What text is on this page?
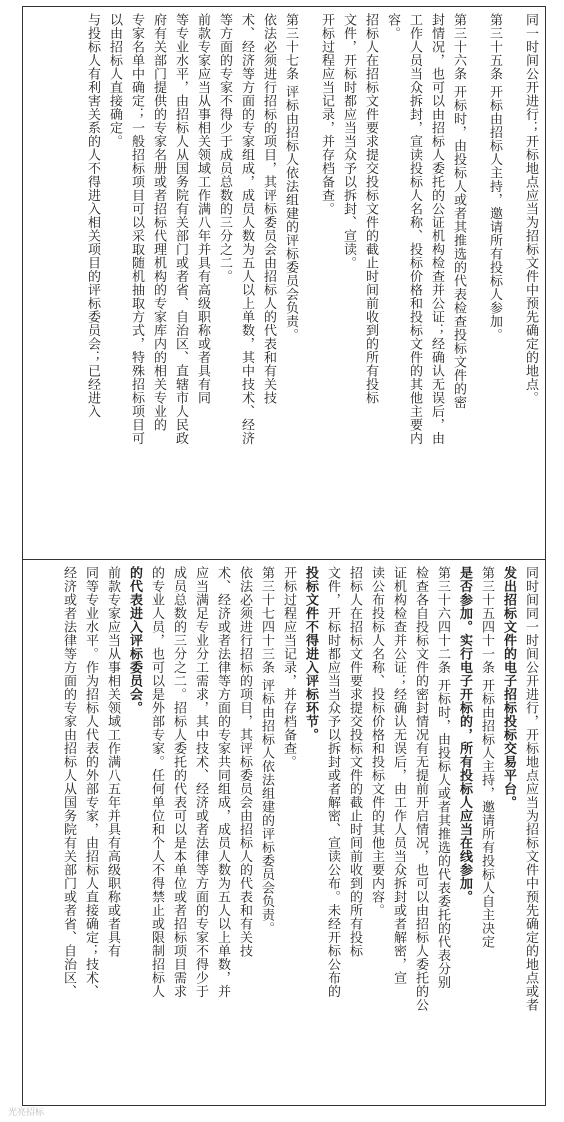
同一时间公开进行；开标地点应当为招标文件中预先确定的地点。
第三十五条 开标由招标人主持，邀请所有投标人参加。
第三十六条 开标时，由投标人或者其推选的代表检查投标文件的密
封情况，也可以由招标人委托的公证机构检查并公证；经确认无误后，由
工作人员当众拆封，宣读投标人名称、投标价格和投标文件的其他主要内
容。
招标人在招标文件要求提交投标文件的截止时间前收到的所有投标
文件，开标时都应当当众予以拆封、宣读。
开标过程应当记录，并存档备查。
第三十七条 评标由招标人依法组建的评标委员会负责。
依法必须进行招标的项目，其评标委员会由招标人的代表和有关技
术、经济等方面的专家组成，成员人数为五人以上单数，其中技术、经济
等方面的专家不得少于成员总数的三分之二。
前款专家应当从事相关领域工作满八年并具有高级职称或者具有同
等专业水平，由招标人从国务院有关部门或者省、自治区、直辖市人民政
府有关部门提供的专家名册或者招标代理机构的专家库内的相关专业的
专家名单中确定；一般招标项目可以采取随机抽取方式，特殊招标项目可
以由招标人直接确定。
与投标人有利害关系的人不得进入相关项目的评标委员会；已经进入
同时间同一时间公开进行，开标地点应当为招标文件中预先确定的地点或者
发出招标文件的电子招标投标交易平台。
第三十五四十一条 开标由招标人主持，邀请所有投标人自主决定
是否参加。实行电子开标的，所有投标人应当在线参加。
第三十六四十二条 开标时，由投标人或者其推选的代表委托的代表分别
检查各自投标文件的密封情况有无提前开启情况，也可以由招标人委托的公
证机构检查并公证；经确认无误后，由工作人员当众拆封或者解密，宣
读公布投标人名称、投标价格和投标文件的其他主要内容。
招标人在招标文件要求提交投标文件的截止时间前收到的所有投标
文件，开标时都应当当众予以拆封或者解密、宣读公布。未经开标公布的
投标文件不得进入评标环节。
开标过程应当记录，并存档备查。
第三十七四十三条 评标由招标人依法组建的评标委员会负责。
依法必须进行招标的项目，其评标委员会由招标人的代表和有关技
术、经济或者法律等方面的专家共同组成，成员人数为五人以上单数，并
应当满足专业分工需求，其中技术、经济或者法律等方面的专家不得少于
成员总数的三分之二。招标人委托的代表可以是本单位或者招标项目需求
的专业人员，也可以是外部专家。任何单位和个人不得禁止或限制招标人
的代表进入评标委员会。
前款专家应当从事相关领域工作满八五年并具有高级职称或者具有
同等专业水平。作为招标人代表的外部专家，由招标人直接确定；技术、
经济或者法律等方面的专家由招标人从国务院有关部门或者省、自治区、
光亮招标
